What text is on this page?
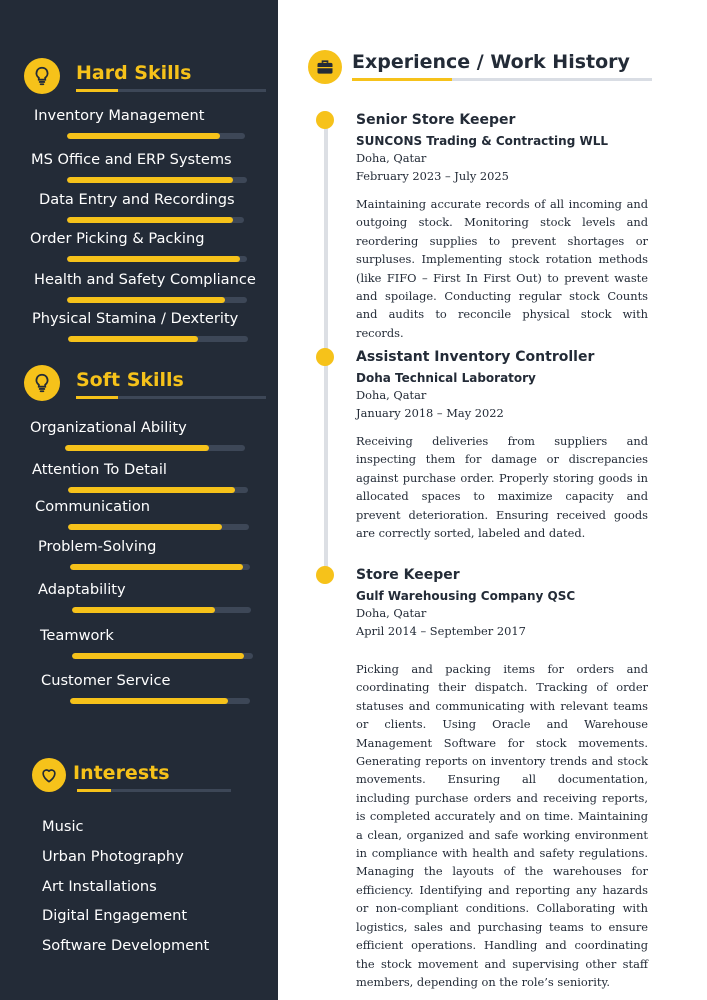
Hard Skills
Inventory Management
MS Office and ERP Systems
Data Entry and Recordings
Order Picking & Packing
Health and Safety Compliance
Physical Stamina / Dexterity
Soft Skills
Organizational Ability
Attention To Detail
Communication
Problem-Solving
Adaptability
Teamwork
Customer Service
Interests
Music
Urban Photography
Art Installations
Digital Engagement
Software Development
Experience / Work History
Senior Store Keeper
SUNCONS Trading & Contracting WLL
Doha, Qatar
February 2023 – July 2025
Maintaining accurate records of all incoming and outgoing stock. Monitoring stock levels and reordering supplies to prevent shortages or surpluses. Implementing stock rotation methods (like FIFO – First In First Out) to prevent waste and spoilage. Conducting regular stock Counts and audits to reconcile physical stock with records.
Assistant Inventory Controller
Doha Technical Laboratory
Doha, Qatar
January 2018 – May 2022
Receiving deliveries from suppliers and inspecting them for damage or discrepancies against purchase order. Properly storing goods in allocated spaces to maximize capacity and prevent deterioration. Ensuring received goods are correctly sorted, labeled and dated.
Store Keeper
Gulf Warehousing Company QSC
Doha, Qatar
April 2014 – September 2017
Picking and packing items for orders and coordinating their dispatch. Tracking of order statuses and communicating with relevant teams or clients. Using Oracle and Warehouse Management Software for stock movements. Generating reports on inventory trends and stock movements. Ensuring all documentation, including purchase orders and receiving reports, is completed accurately and on time. Maintaining a clean, organized and safe working environment in compliance with health and safety regulations. Managing the layouts of the warehouses for efficiency. Identifying and reporting any hazards or non-compliant conditions. Collaborating with logistics, sales and purchasing teams to ensure efficient operations. Handling and coordinating the stock movement and supervising other staff members, depending on the role’s seniority.
